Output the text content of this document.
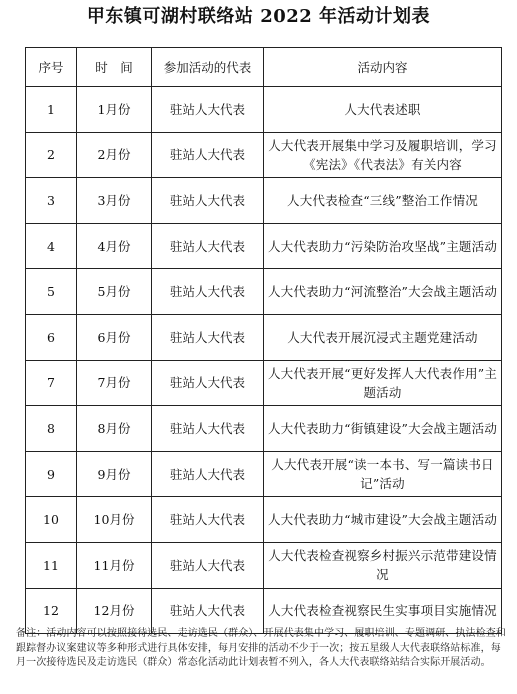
甲东镇可湖村联络站 2022 年活动计划表
序号	时　间	参加活动的代表	活动内容
1	1月份	驻站人大代表	人大代表述职
2	2月份	驻站人大代表	人大代表开展集中学习及履职培训，学习《宪法》《代表法》有关内容
3	3月份	驻站人大代表	人大代表检查“三线”整治工作情况
4	4月份	驻站人大代表	人大代表助力“污染防治攻坚战”主题活动
5	5月份	驻站人大代表	人大代表助力“河流整治”大会战主题活动
6	6月份	驻站人大代表	人大代表开展沉浸式主题党建活动
7	7月份	驻站人大代表	人大代表开展“更好发挥人大代表作用”主题活动
8	8月份	驻站人大代表	人大代表助力“街镇建设”大会战主题活动
9	9月份	驻站人大代表	人大代表开展“读一本书、写一篇读书日记”活动
10	10月份	驻站人大代表	人大代表助力“城市建设”大会战主题活动
11	11月份	驻站人大代表	人大代表检查视察乡村振兴示范带建设情况
12	12月份	驻站人大代表	人大代表检查视察民生实事项目实施情况
备注：活动内容可以按照接待选民、走访选民（群众）、开展代表集中学习、履职培训、专题调研、执法检查和跟踪督办议案建议等多种形式进行具体安排，每月安排的活动不少于一次；按五星级人大代表联络站标准，每月一次接待选民及走访选民（群众）常态化活动此计划表暂不列入，各人大代表联络站结合实际开展活动。
